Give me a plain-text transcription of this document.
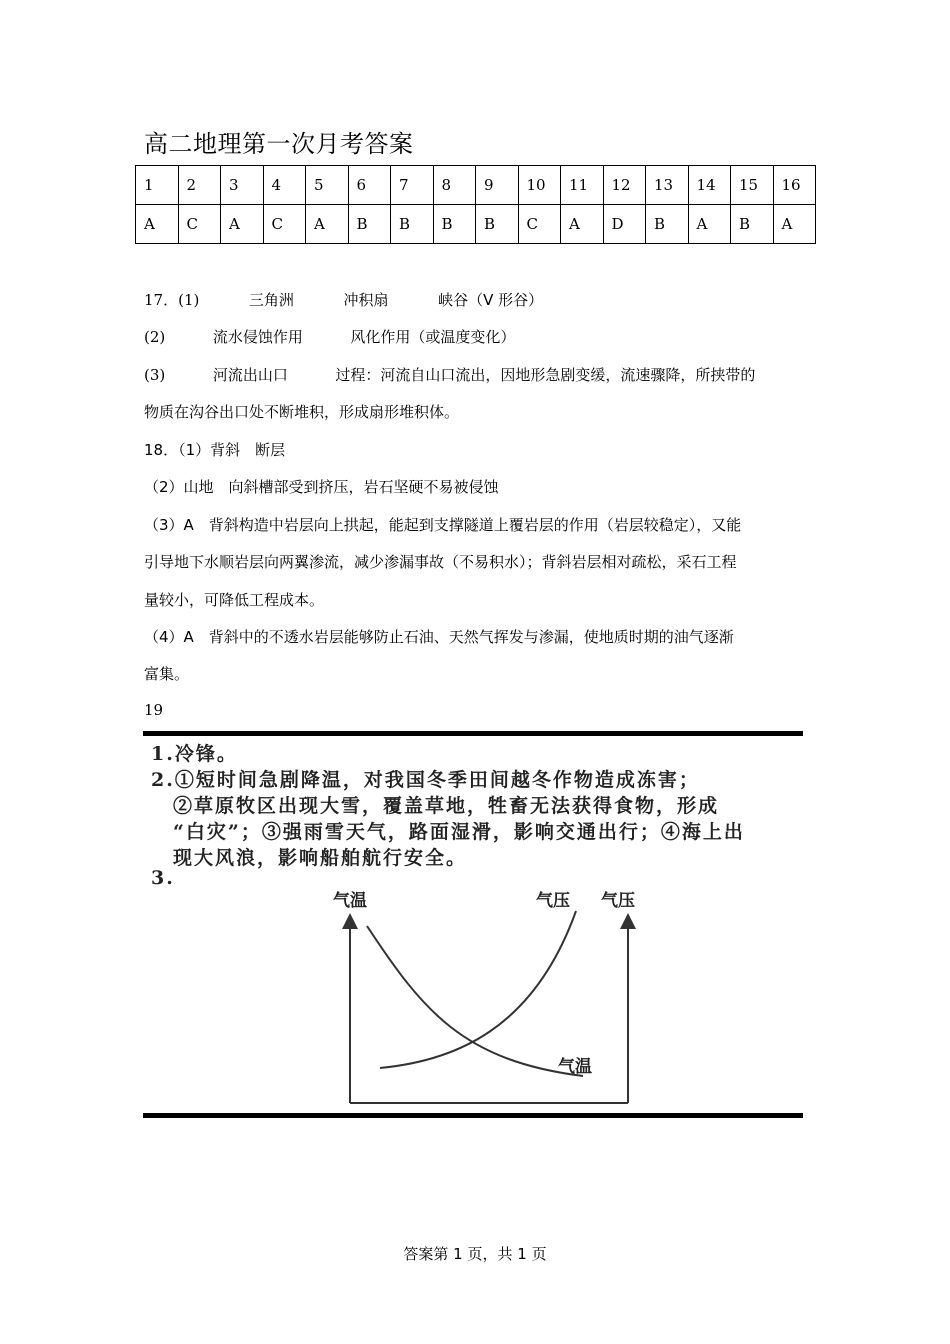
高二地理第一次月考答案
1	2	3	4	5	6	7	8	9	10	11	12	13	14	15	16
A	C	A	C	A	B	B	B	B	C	A	D	B	A	B	A
17．(1)	三角洲	冲积扇	峡谷（V 形谷）
(2)	流水侵蚀作用	风化作用（或温度变化）
(3)	河流出山口	过程：河流自山口流出，因地形急剧变缓，流速骤降，所挟带的
物质在沟谷出口处不断堆积，形成扇形堆积体。
18．（1）背斜　断层
（2）山地　向斜槽部受到挤压，岩石坚硬不易被侵蚀
（3）A　背斜构造中岩层向上拱起，能起到支撑隧道上覆岩层的作用（岩层较稳定），又能
引导地下水顺岩层向两翼渗流，减少渗漏事故（不易积水）；背斜岩层相对疏松，采石工程
量较小，可降低工程成本。
（4）A　背斜中的不透水岩层能够防止石油、天然气挥发与渗漏，使地质时期的油气逐渐
富集。
19
1.冷锋。
2.①短时间急剧降温，对我国冬季田间越冬作物造成冻害；
②草原牧区出现大雪，覆盖草地，牲畜无法获得食物，形成
“白灾”；③强雨雪天气，路面湿滑，影响交通出行；④海上出
现大风浪，影响船舶航行安全。
3.
气温	气压 气压
气温
答案第 1 页，共 1 页
